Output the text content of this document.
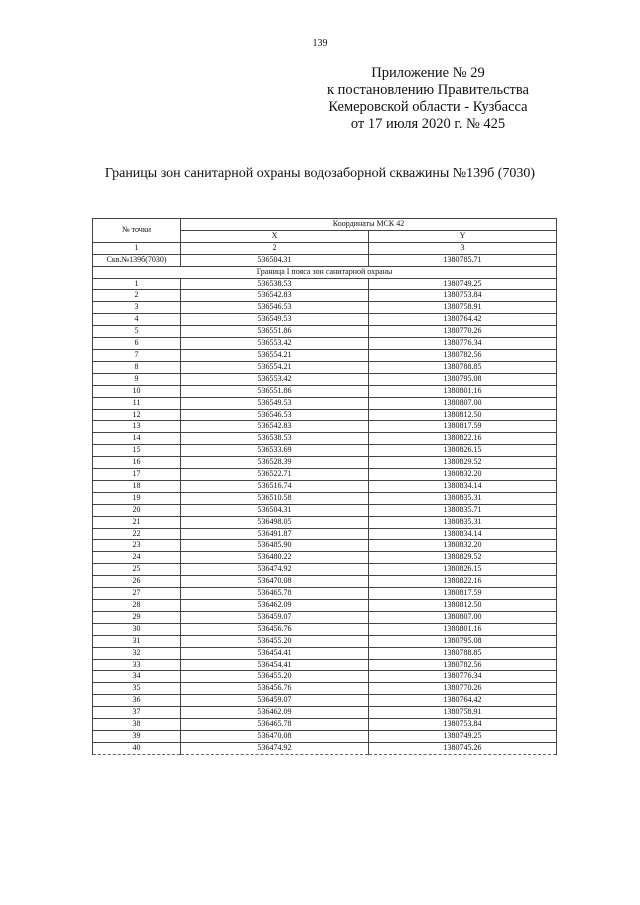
139
Приложение № 29
к постановлению Правительства
Кемеровской области - Кузбасса
от 17 июля 2020 г. № 425
Границы зон санитарной охраны водозаборной скважины №139б (7030)
№ точки	Координаты МСК 42	
	X	Y
1	2	3
Скв.№139б(7030)	536504.31	1380785.71
Граница I пояса зон санитарной охраны		
1	536538.53	1380749.25
2	536542.83	1380753.84
3	536546.53	1380758.91
4	536549.53	1380764.42
5	536551.86	1380770.26
6	536553.42	1380776.34
7	536554.21	1380782.56
8	536554.21	1380788.85
9	536553.42	1380795.08
10	536551.86	1380801.16
11	536549.53	1380807.00
12	536546.53	1380812.50
13	536542.83	1380817.59
14	536538.53	1380822.16
15	536533.69	1380826.15
16	536528.39	1380829.52
17	536522.71	1380832.20
18	536516.74	1380834.14
19	536510.58	1380835.31
20	536504.31	1380835.71
21	536498.05	1380835.31
22	536491.87	1380834.14
23	536485.90	1380832.20
24	536480.22	1380829.52
25	536474.92	1380826.15
26	536470.08	1380822.16
27	536465.78	1380817.59
28	536462.09	1380812.50
29	536459.07	1380807.00
30	536456.76	1380801.16
31	536455.20	1380795.08
32	536454.41	1380788.85
33	536454.41	1380782.56
34	536455.20	1380776.34
35	536456.76	1380770.26
36	536459.07	1380764.42
37	536462.09	1380758.91
38	536465.78	1380753.84
39	536470.08	1380749.25
40	536474.92	1380745.26
